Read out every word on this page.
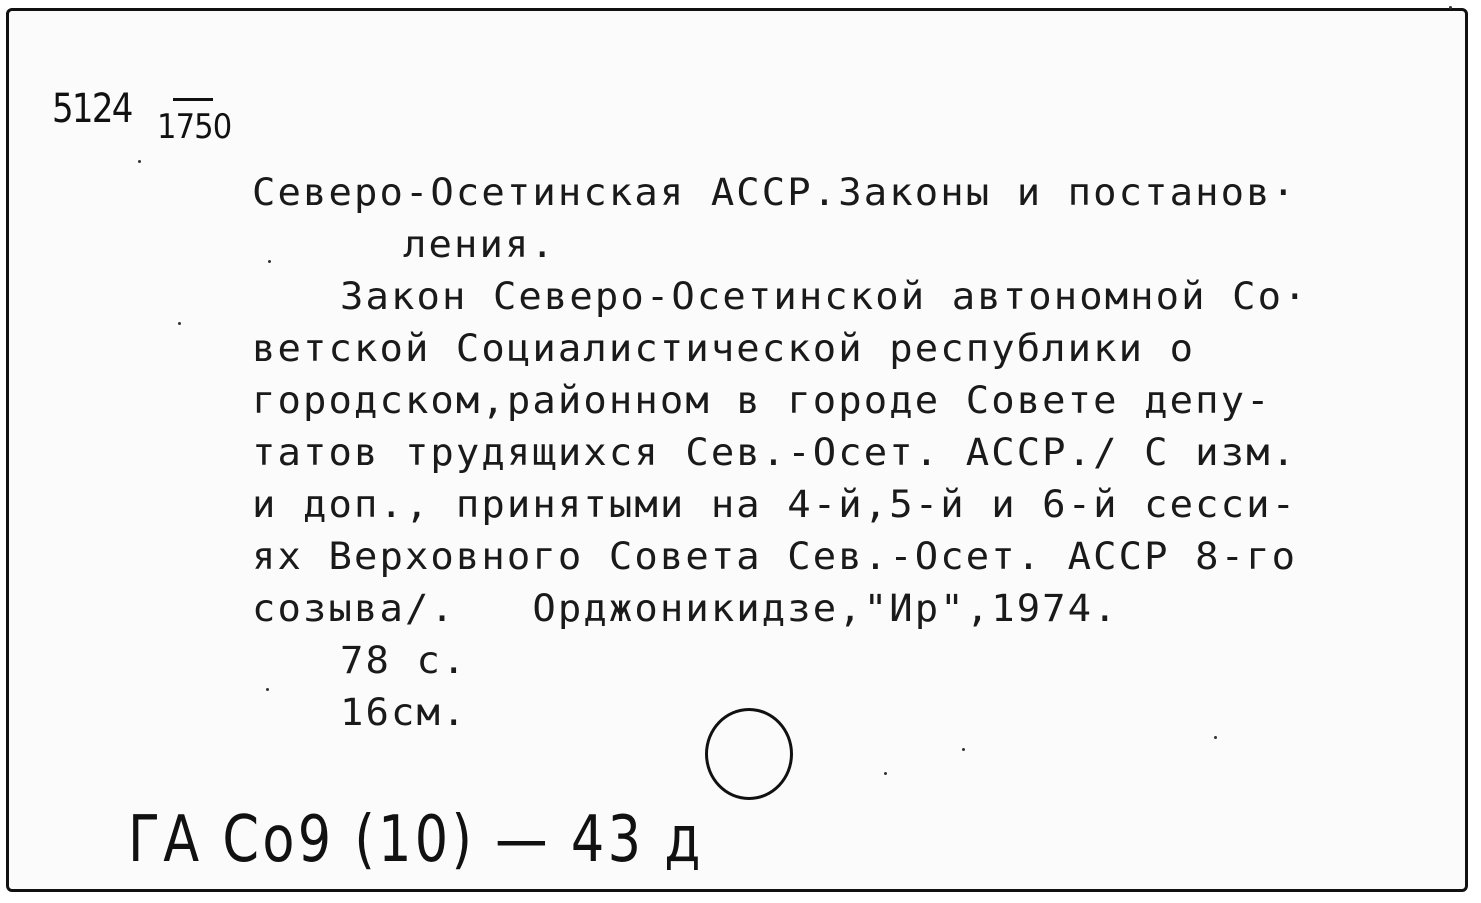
5124 1750
Северо-Осетинская АССР.Законы и постанов·
ления.
Закон Северо-Осетинской автономной Со·
ветской Социалистической республики о
городском,районном в городе Совете депу-
татов трудящихся Сев.-Осет. АССР./ С изм.
и доп., принятыми на 4-й,5-й и 6-й сесси-
ях Верховного Совета Сев.-Осет. АССР 8-го
созыва/.   Орджоникидзе,"Ир",1974.
78 с.
16см.
ГА Со9 (10) — 43 д
